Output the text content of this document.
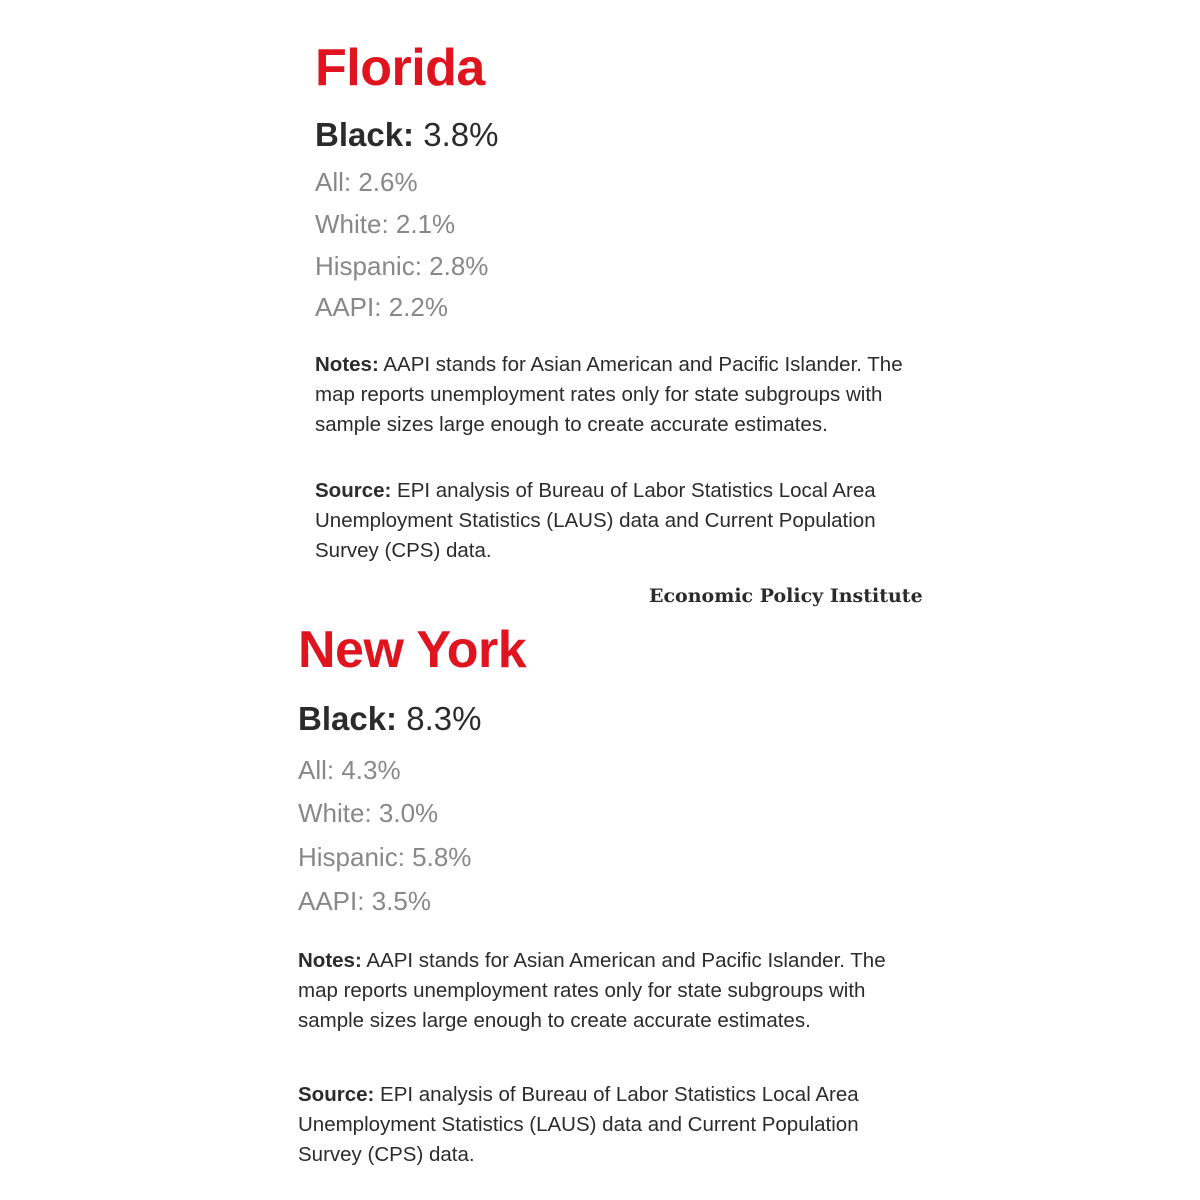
Florida
Black: 3.8%
All: 2.6%
White: 2.1%
Hispanic: 2.8%
AAPI: 2.2%
Notes: AAPI stands for Asian American and Pacific Islander. The map reports unemployment rates only for state subgroups with sample sizes large enough to create accurate estimates.
Source: EPI analysis of Bureau of Labor Statistics Local Area Unemployment Statistics (LAUS) data and Current Population Survey (CPS) data.
Economic Policy Institute
New York
Black: 8.3%
All: 4.3%
White: 3.0%
Hispanic: 5.8%
AAPI: 3.5%
Notes: AAPI stands for Asian American and Pacific Islander. The map reports unemployment rates only for state subgroups with sample sizes large enough to create accurate estimates.
Source: EPI analysis of Bureau of Labor Statistics Local Area Unemployment Statistics (LAUS) data and Current Population Survey (CPS) data.
